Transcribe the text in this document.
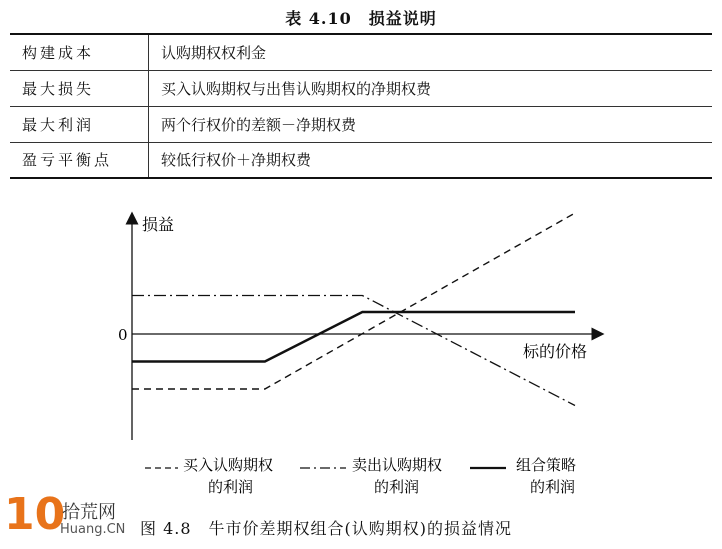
表 4.10　损益说明
构建成本	认购期权权利金
最大损失	买入认购期权与出售认购期权的净期权费
最大利润	两个行权价的差额－净期权费
盈亏平衡点	较低行权价＋净期权费
损益
标的价格
0
买入认购期权
的利润
卖出认购期权
的利润
组合策略
的利润
10
拾荒网
Huang.CN 图 4.8　牛市价差期权组合(认购期权)的损益情况
